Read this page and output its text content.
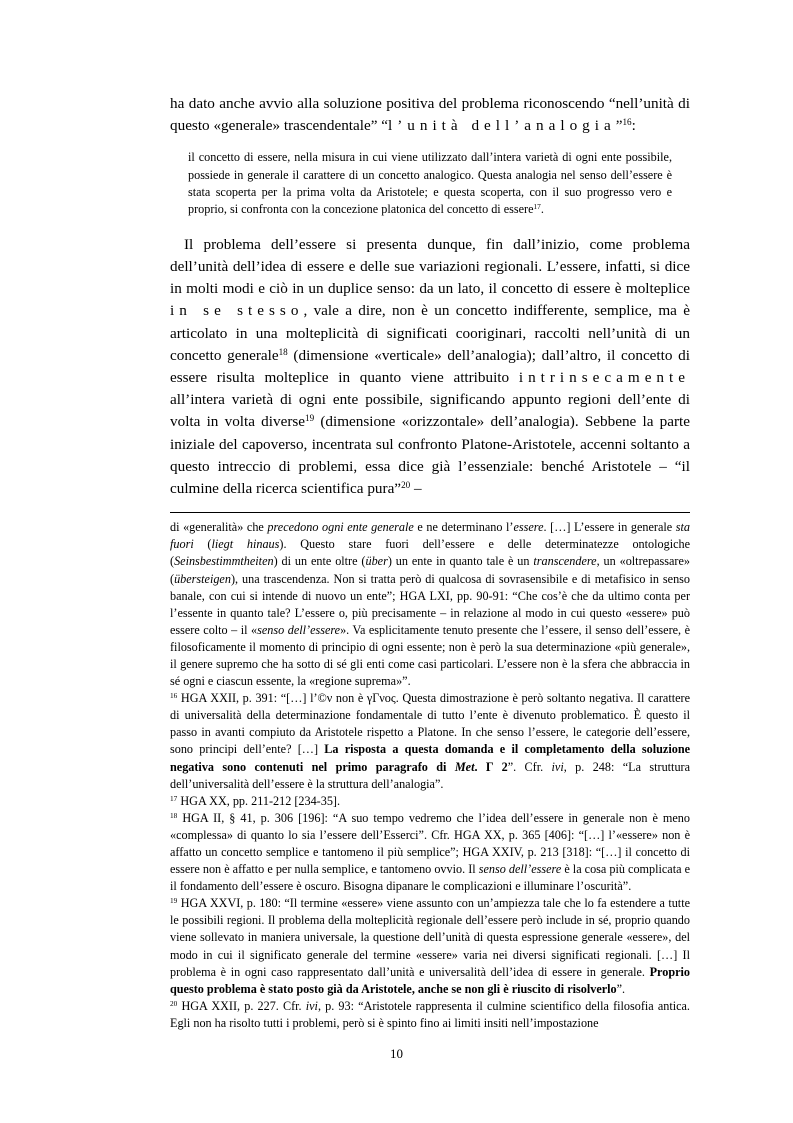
ha dato anche avvio alla soluzione positiva del problema riconoscendo “nell’unità di questo «generale» trascendentale” “l’unità dell’analogia”$^{16}$:

il concetto di essere, nella misura in cui viene utilizzato dall’intera varietà di ogni ente possibile, possiede in generale il carattere di un concetto analogico. Questa analogia nel senso dell’essere è stata scoperta per la prima volta da Aristotele; e questa scoperta, con il suo progresso vero e proprio, si confronta con la concezione platonica del concetto di essere$^{17}$.

Il problema dell’essere si presenta dunque, fin dall’inizio, come problema dell’unità dell’idea di essere e delle sue variazioni regionali. L’essere, infatti, si dice in molti modi e ciò in un duplice senso: da un lato, il concetto di essere è molteplice in se stesso, vale a dire, non è un concetto indifferente, semplice, ma è articolato in una molteplicità di significati cooriginari, raccolti nell’unità di un concetto generale$^{18}$ (dimensione «verticale» dell’analogia); dall’altro, il concetto di essere risulta molteplice in quanto viene attribuito intrinsecamente all’intera varietà di ogni ente possibile, significando appunto regioni dell’ente di volta in volta diverse$^{19}$ (dimensione «orizzontale» dell’analogia). Sebbene la parte iniziale del capoverso, incentrata sul confronto Platone-Aristotele, accenni soltanto a questo intreccio di problemi, essa dice già l’essenziale: benché Aristotele – “il culmine della ricerca scientifica pura”$^{20}$ –

di «generalità» che precedono ogni ente generale e ne determinano l’essere. […] L’essere in generale sta fuori (liegt hinaus). Questo stare fuori dell’essere e delle determinatezze ontologiche (Seinsbestimmtheiten) di un ente oltre (über) un ente in quanto tale è un transcendere, un «oltrepassare» (übersteigen), una trascendenza. Non si tratta però di qualcosa di sovrasensibile e di metafisico in senso banale, con cui si intende di nuovo un ente”; HGA LXI, pp. 90-91: “Che cos’è che da ultimo conta per l’essente in quanto tale? L’essere o, più precisamente – in relazione al modo in cui questo «essere» può essere colto – il «senso dell’essere». Va esplicitamente tenuto presente che l’essere, il senso dell’essere, è filosoficamente il momento di principio di ogni essente; non è però la sua determinazione «più generale», il genere supremo che ha sotto di sé gli enti come casi particolari. L’essere non è la sfera che abbraccia in sé ogni e ciascun essente, la «regione suprema»”.

$^{16}$ HGA XXII, p. 391: “[…] l’©ν non è γΓνος. Questa dimostrazione è però soltanto negativa. Il carattere di universalità della determinazione fondamentale di tutto l’ente è divenuto problematico. È questo il passo in avanti compiuto da Aristotele rispetto a Platone. In che senso l’essere, le categorie dell’essere, sono principi dell’ente? […] La risposta a questa domanda e il completamento della soluzione negativa sono contenuti nel primo paragrafo di Met. Γ 2”. Cfr. ivi, p. 248: “La struttura dell’universalità dell’essere è la struttura dell’analogia”.

$^{17}$ HGA XX, pp. 211-212 [234-35].

$^{18}$ HGA II, § 41, p. 306 [196]: “A suo tempo vedremo che l’idea dell’essere in generale non è meno «complessa» di quanto lo sia l’essere dell’Esserci”. Cfr. HGA XX, p. 365 [406]: “[…] l’«essere» non è affatto un concetto semplice e tantomeno il più semplice”; HGA XXIV, p. 213 [318]: “[…] il concetto di essere non è affatto e per nulla semplice, e tantomeno ovvio. Il senso dell’essere è la cosa più complicata e il fondamento dell’essere è oscuro. Bisogna dipanare le complicazioni e illuminare l’oscurità”.

$^{19}$ HGA XXVI, p. 180: “Il termine «essere» viene assunto con un’ampiezza tale che lo fa estendere a tutte le possibili regioni. Il problema della molteplicità regionale dell’essere però include in sé, proprio quando viene sollevato in maniera universale, la questione dell’unità di questa espressione generale «essere», del modo in cui il significato generale del termine «essere» varia nei diversi significati regionali. […] Il problema è in ogni caso rappresentato dall’unità e universalità dell’idea di essere in generale. Proprio questo problema è stato posto già da Aristotele, anche se non gli è riuscito di risolverlo”.

$^{20}$ HGA XXII, p. 227. Cfr. ivi, p. 93: “Aristotele rappresenta il culmine scientifico della filosofia antica. Egli non ha risolto tutti i problemi, però si è spinto fino ai limiti insiti nell’impostazione

10
